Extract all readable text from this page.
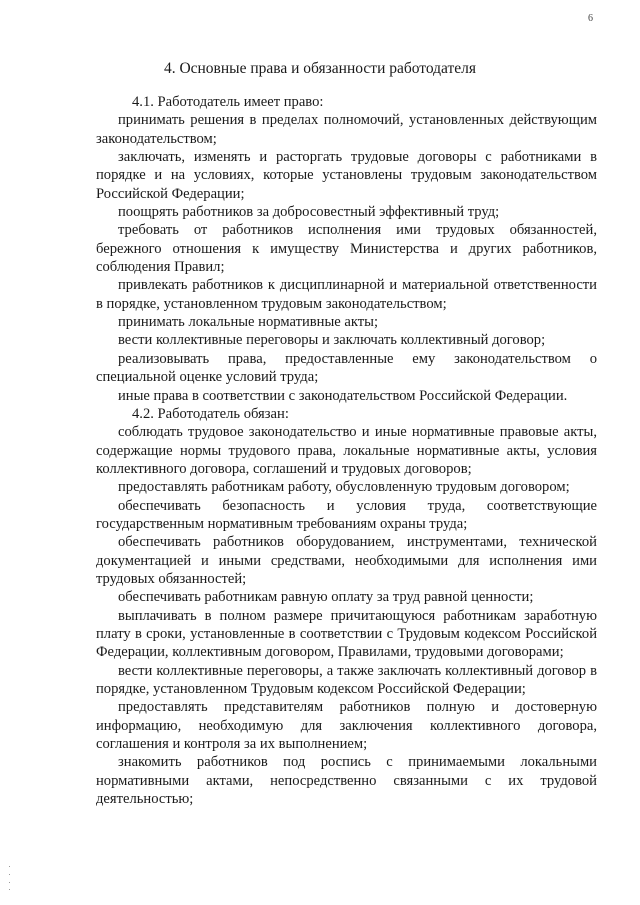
6
4. Основные права и обязанности работодателя

4.1. Работодатель имеет право:

принимать решения в пределах полномочий, установленных действующим законодательством;

заключать, изменять и расторгать трудовые договоры с работниками в порядке и на условиях, которые установлены трудовым законодательством Российской Федерации;

поощрять работников за добросовестный эффективный труд;

требовать от работников исполнения ими трудовых обязанностей, бережного отношения к имуществу Министерства и других работников, соблюдения Правил;

привлекать работников к дисциплинарной и материальной ответственности в порядке, установленном трудовым законодательством;

принимать локальные нормативные акты;

вести коллективные переговоры и заключать коллективный договор;

реализовывать права, предоставленные ему законодательством о специальной оценке условий труда;

иные права в соответствии с законодательством Российской Федерации.

4.2. Работодатель обязан:

соблюдать трудовое законодательство и иные нормативные правовые акты, содержащие нормы трудового права, локальные нормативные акты, условия коллективного договора, соглашений и трудовых договоров;

предоставлять работникам работу, обусловленную трудовым договором;

обеспечивать безопасность и условия труда, соответствующие государственным нормативным требованиям охраны труда;

обеспечивать работников оборудованием, инструментами, технической документацией и иными средствами, необходимыми для исполнения ими трудовых обязанностей;

обеспечивать работникам равную оплату за труд равной ценности;

выплачивать в полном размере причитающуюся работникам заработную плату в сроки, установленные в соответствии с Трудовым кодексом Российской Федерации, коллективным договором, Правилами, трудовыми договорами;

вести коллективные переговоры, а также заключать коллективный договор в порядке, установленном Трудовым кодексом Российской Федерации;

предоставлять представителям работников полную и достоверную информацию, необходимую для заключения коллективного договора, соглашения и контроля за их выполнением;

знакомить работников под роспись с принимаемыми локальными нормативными актами, непосредственно связанными с их трудовой деятельностью;
